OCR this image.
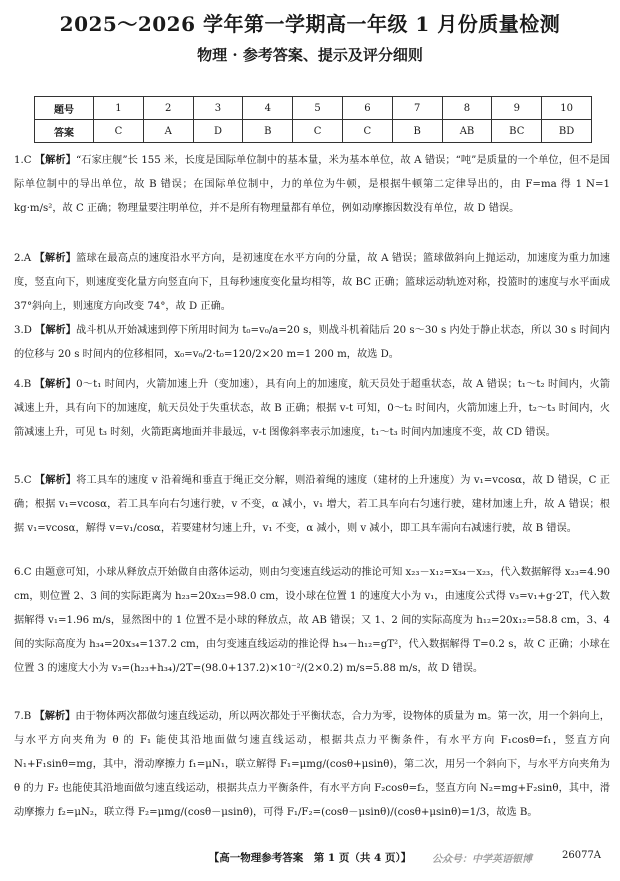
2025～2026 学年第一学期高一年级 1 月份质量检测
物理 · 参考答案、提示及评分细则
题号	1	2	3	4	5	6	7	8	9	10
答案	C	A	D	B	C	C	B	AB	BC	BD
1.C 【解析】“石家庄舰”长 155 米，长度是国际单位制中的基本量，米为基本单位，故 A 错误；“吨”是质量的一个单位，但不是国际单位制中的导出单位，故 B 错误；在国际单位制中，力的单位为牛顿，是根据牛顿第二定律导出的，由 F=ma 得 1 N=1 kg·m/s²，故 C 正确；物理量要注明单位，并不是所有物理量都有单位，例如动摩擦因数没有单位，故 D 错误。
2.A 【解析】篮球在最高点的速度沿水平方向，是初速度在水平方向的分量，故 A 错误；篮球做斜向上抛运动，加速度为重力加速度，竖直向下，则速度变化量方向竖直向下，且每秒速度变化量均相等，故 BC 正确；篮球运动轨迹对称，投篮时的速度与水平面成 37°斜向上，则速度方向改变 74°，故 D 正确。
3.D 【解析】战斗机从开始减速到停下所用时间为 t₀=v₀/a=20 s，则战斗机着陆后 20 s～30 s 内处于静止状态，所以 30 s 时间内的位移与 20 s 时间内的位移相同，x₀=v₀/2·t₀=120/2×20 m=1 200 m，故选 D。
4.B 【解析】0～t₁ 时间内，火箭加速上升（变加速），具有向上的加速度，航天员处于超重状态，故 A 错误；t₁～t₂ 时间内，火箭减速上升，具有向下的加速度，航天员处于失重状态，故 B 正确；根据 v-t 可知，0～t₂ 时间内，火箭加速上升，t₂～t₃ 时间内，火箭减速上升，可见 t₃ 时刻，火箭距离地面并非最远，v-t 图像斜率表示加速度，t₁～t₃ 时间内加速度不变，故 CD 错误。
5.C 【解析】将工具车的速度 v 沿着绳和垂直于绳正交分解，则沿着绳的速度（建材的上升速度）为 v₁=vcosα，故 D 错误，C 正确；根据 v₁=vcosα，若工具车向右匀速行驶，v 不变，α 减小，v₁ 增大，若工具车向右匀速行驶，建材加速上升，故 A 错误；根据 v₁=vcosα，解得 v=v₁/cosα，若要建材匀速上升，v₁ 不变，α 减小，则 v 减小，即工具车需向右减速行驶，故 B 错误。
6.C 由题意可知，小球从释放点开始做自由落体运动，则由匀变速直线运动的推论可知 x₂₃－x₁₂=x₃₄－x₂₃，代入数据解得 x₂₃=4.90 cm，则位置 2、3 间的实际距离为 h₂₃=20x₂₃=98.0 cm，设小球在位置 1 的速度大小为 v₁，由速度公式得 v₃=v₁+g·2T，代入数据解得 v₁=1.96 m/s，显然图中的 1 位置不是小球的释放点，故 AB 错误；又 1、2 间的实际高度为 h₁₂=20x₁₂=58.8 cm，3、4 间的实际高度为 h₃₄=20x₃₄=137.2 cm，由匀变速直线运动的推论得 h₃₄－h₁₂=gT²，代入数据解得 T=0.2 s，故 C 正确；小球在位置 3 的速度大小为 v₃=(h₂₃+h₃₄)/2T=(98.0+137.2)×10⁻²/(2×0.2) m/s=5.88 m/s，故 D 错误。
7.B 【解析】由于物体两次都做匀速直线运动，所以两次都处于平衡状态，合力为零，设物体的质量为 m。第一次，用一个斜向上，与水平方向夹角为 θ 的 F₁ 能使其沿地面做匀速直线运动，根据共点力平衡条件，有水平方向 F₁cosθ=f₁，竖直方向 N₁+F₁sinθ=mg，其中，滑动摩擦力 f₁=μN₁，联立解得 F₁=μmg/(cosθ+μsinθ)，第二次，用另一个斜向下，与水平方向夹角为 θ 的力 F₂ 也能使其沿地面做匀速直线运动，根据共点力平衡条件，有水平方向 F₂cosθ=f₂，竖直方向 N₂=mg+F₂sinθ，其中，滑动摩擦力 f₂=μN₂，联立得 F₂=μmg/(cosθ－μsinθ)，可得 F₁/F₂=(cosθ－μsinθ)/(cosθ+μsinθ)=1/3，故选 B。
【高一物理参考答案　第 1 页（共 4 页）】	公众号：中学英语银博	26077A
